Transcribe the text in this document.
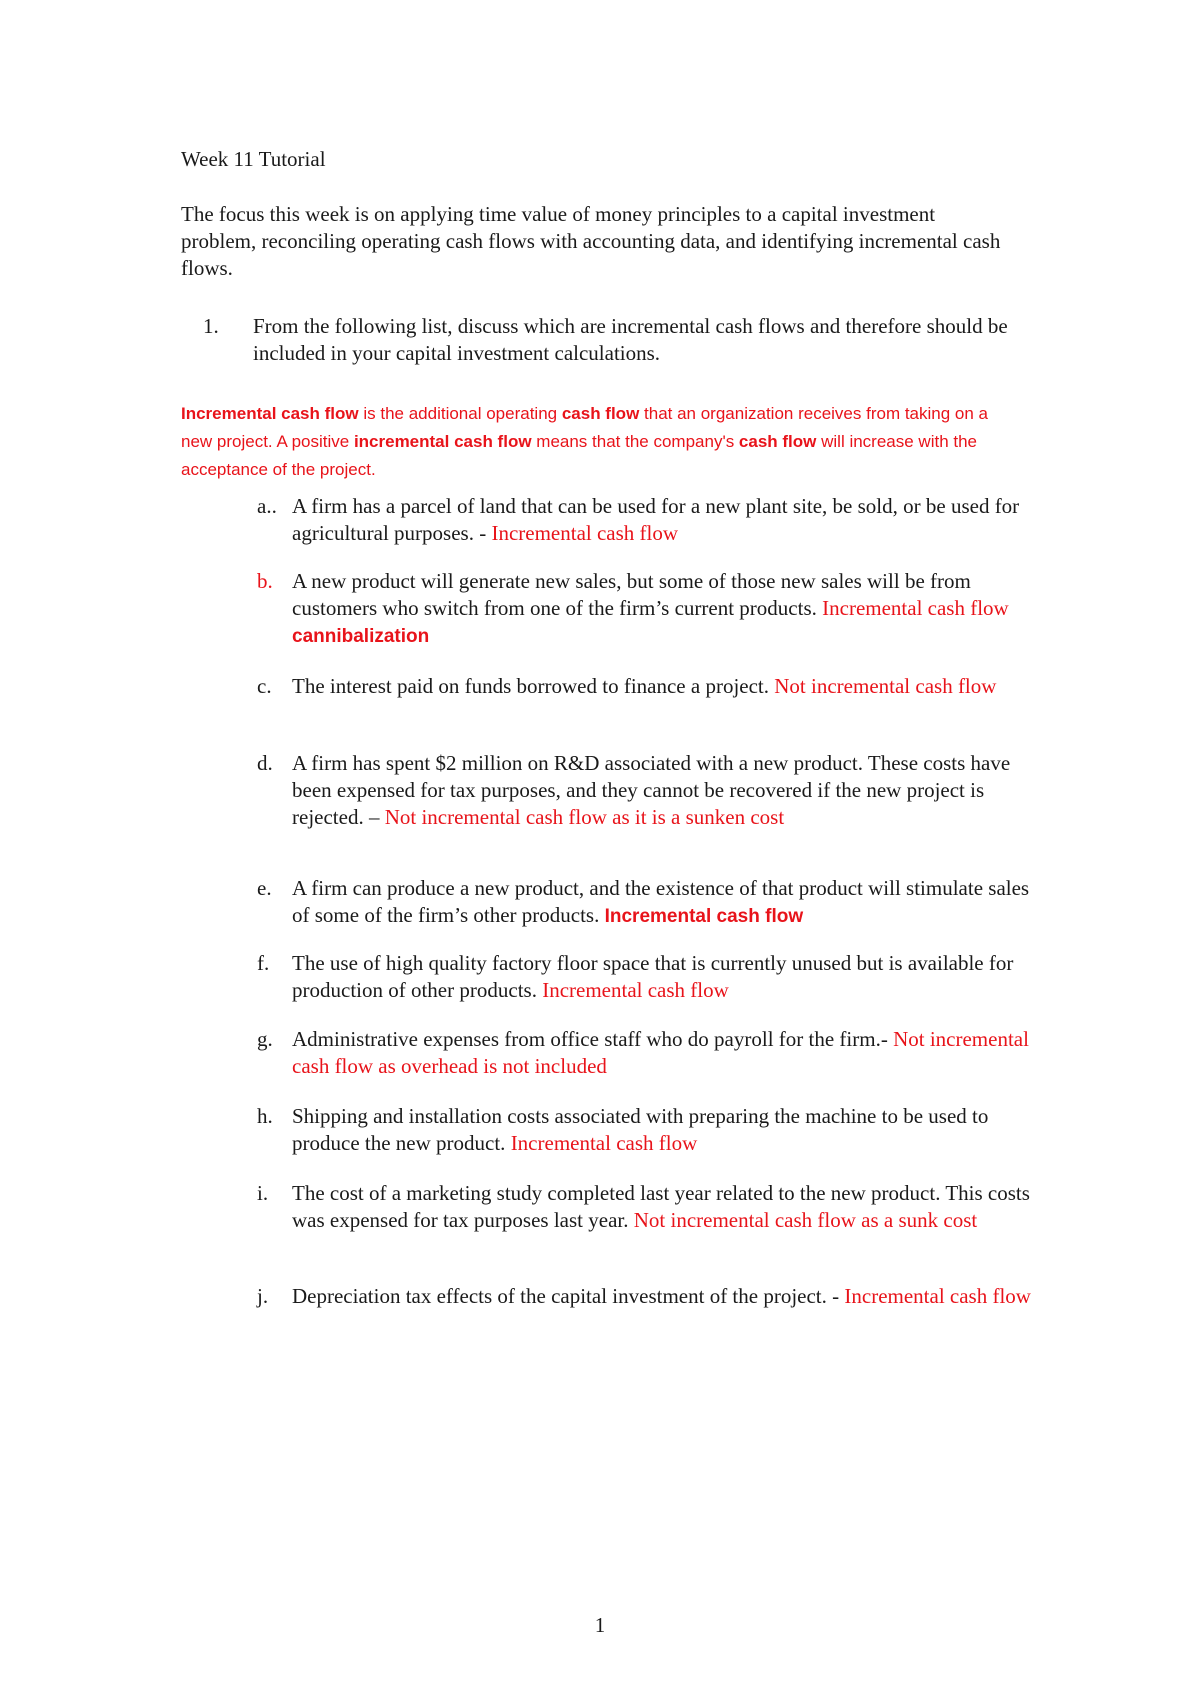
Week 11 Tutorial
The focus this week is on applying time value of money principles to a capital investment problem, reconciling operating cash flows with accounting data, and identifying incremental cash flows.
1. From the following list, discuss which are incremental cash flows and therefore should be included in your capital investment calculations.
Incremental cash flow is the additional operating cash flow that an organization receives from taking on a new project. A positive incremental cash flow means that the company's cash flow will increase with the acceptance of the project.
a.. A firm has a parcel of land that can be used for a new plant site, be sold, or be used for agricultural purposes. - Incremental cash flow
b. A new product will generate new sales, but some of those new sales will be from customers who switch from one of the firm’s current products. Incremental cash flow cannibalization
c. The interest paid on funds borrowed to finance a project. Not incremental cash flow
d. A firm has spent $2 million on R&D associated with a new product. These costs have been expensed for tax purposes, and they cannot be recovered if the new project is rejected. – Not incremental cash flow as it is a sunken cost
e. A firm can produce a new product, and the existence of that product will stimulate sales of some of the firm’s other products. Incremental cash flow
f. The use of high quality factory floor space that is currently unused but is available for production of other products. Incremental cash flow
g. Administrative expenses from office staff who do payroll for the firm.- Not incremental cash flow as overhead is not included
h. Shipping and installation costs associated with preparing the machine to be used to produce the new product. Incremental cash flow
i. The cost of a marketing study completed last year related to the new product. This costs was expensed for tax purposes last year. Not incremental cash flow as a sunk cost
j. Depreciation tax effects of the capital investment of the project. - Incremental cash flow
1
